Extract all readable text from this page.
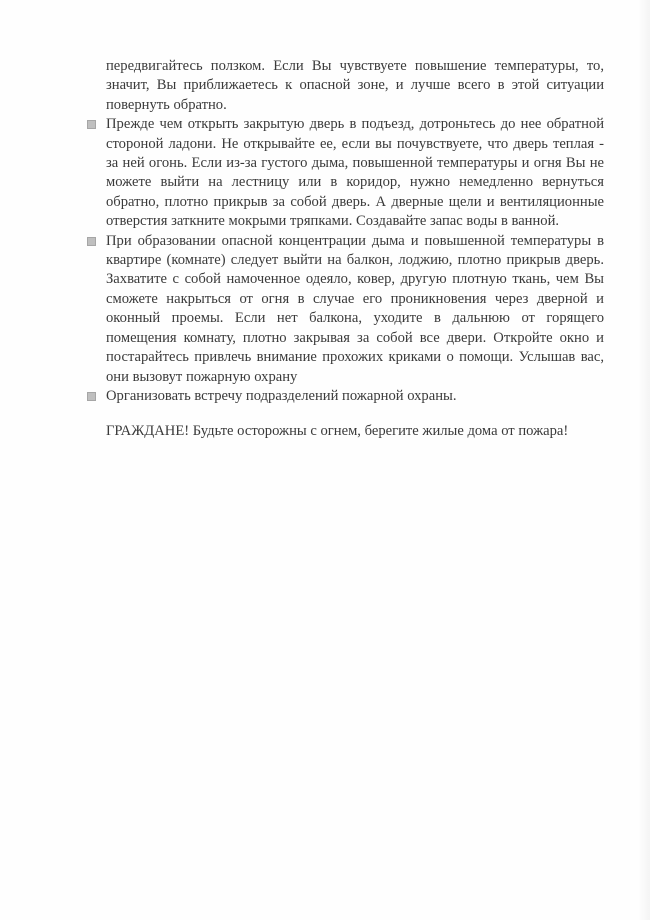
передвигайтесь ползком. Если Вы чувствуете повышение температуры, то, значит, Вы приближаетесь к опасной зоне, и лучше всего в этой ситуации повернуть обратно.

Прежде чем открыть закрытую дверь в подъезд, дотроньтесь до нее обратной стороной ладони. Не открывайте ее, если вы почувствуете, что дверь теплая - за ней огонь. Если из-за густого дыма, повышенной температуры и огня Вы не можете выйти на лестницу или в коридор, нужно немедленно вернуться обратно, плотно прикрыв за собой дверь. А дверные щели и вентиляционные отверстия заткните мокрыми тряпками. Создавайте запас воды в ванной.
При образовании опасной концентрации дыма и повышенной температуры в квартире (комнате) следует выйти на балкон, лоджию, плотно прикрыв дверь. Захватите с собой намоченное одеяло, ковер, другую плотную ткань, чем Вы сможете накрыться от огня в случае его проникновения через дверной и оконный проемы. Если нет балкона, уходите в дальнюю от горящего помещения комнату, плотно закрывая за собой все двери. Откройте окно и постарайтесь привлечь внимание прохожих криками о помощи. Услышав вас, они вызовут пожарную охрану
Организовать встречу подразделений пожарной охраны.

ГРАЖДАНЕ! Будьте осторожны с огнем, берегите жилые дома от пожара!
